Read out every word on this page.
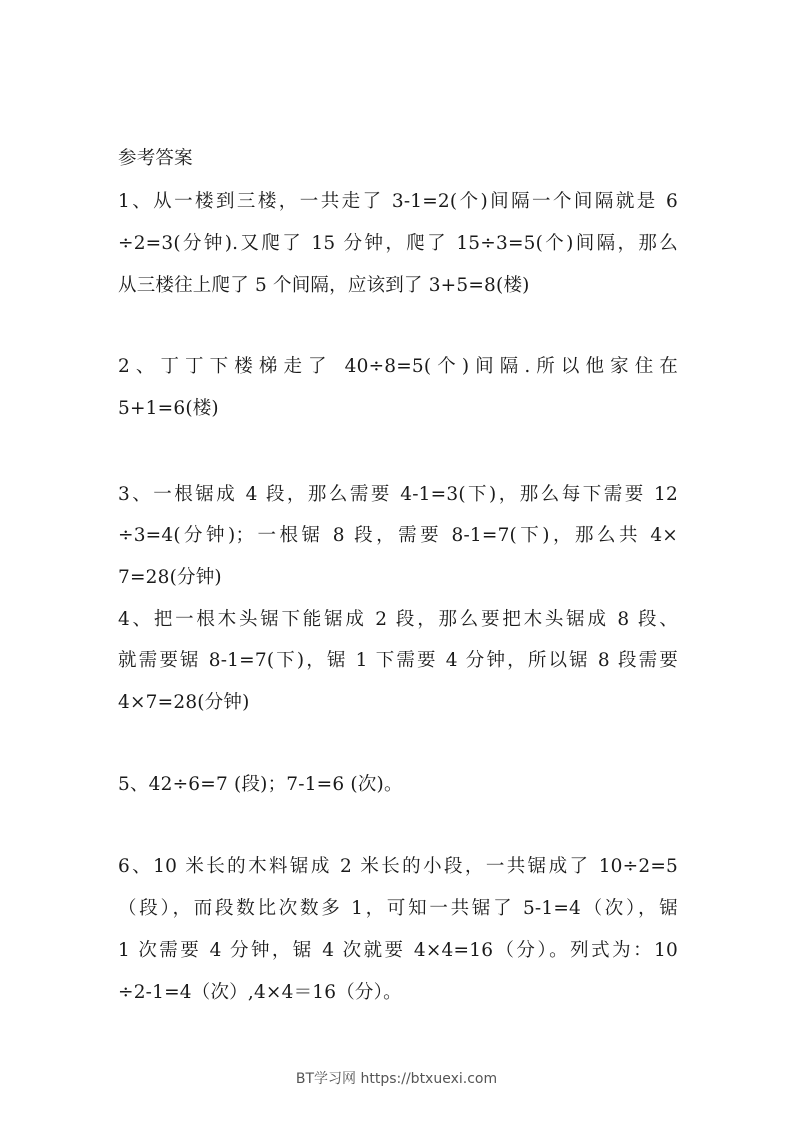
参考答案
1、从一楼到三楼，一共走了 3-1=2(个)间隔一个间隔就是 6
÷2=3(分钟).又爬了 15 分钟，爬了 15÷3=5(个)间隔，那么
从三楼往上爬了 5 个间隔，应该到了 3+5=8(楼)
2、丁丁下楼梯走了 40÷8=5(个)间隔.所以他家住在
5+1=6(楼)
3、一根锯成 4 段，那么需要 4-1=3(下)，那么每下需要 12
÷3=4(分钟)；一根锯 8 段，需要 8-1=7(下)，那么共 4×
7=28(分钟)
4、把一根木头锯下能锯成 2 段，那么要把木头锯成 8 段、
就需要锯 8-1=7(下)，锯 1 下需要 4 分钟，所以锯 8 段需要
4×7=28(分钟)
5、42÷6=7 (段)；7-1=6 (次)。
6、10 米长的木料锯成 2 米长的小段，一共锯成了 10÷2=5
（段），而段数比次数多 1，可知一共锯了 5-1=4（次），锯
1 次需要 4 分钟，锯 4 次就要 4×4=16（分）。列式为：10
÷2-1=4（次）,4×4＝16（分）。
BT学习网 https://btxuexi.com
